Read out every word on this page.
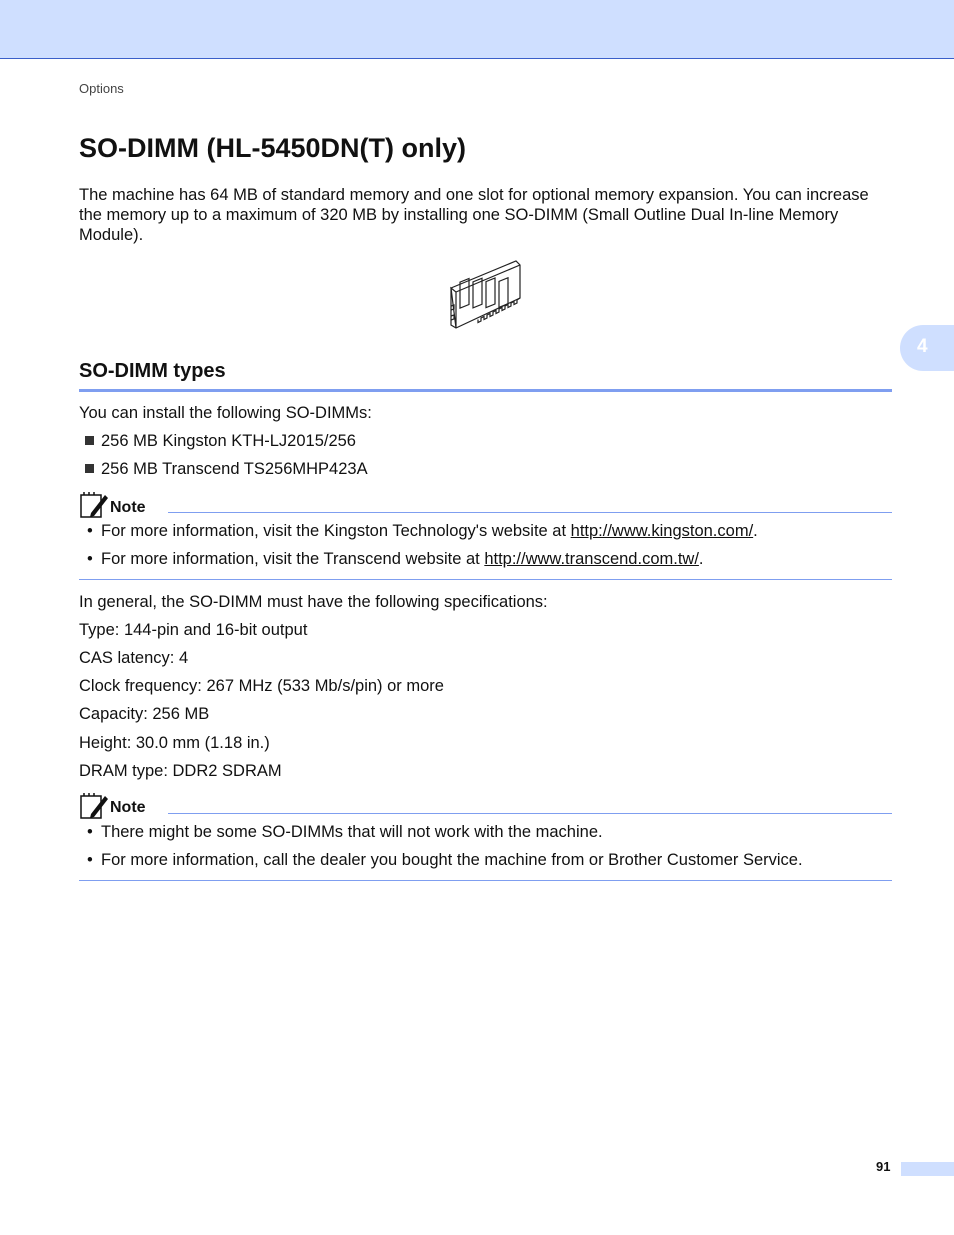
Options
SO-DIMM (HL-5450DN(T) only)

The machine has 64 MB of standard memory and one slot for optional memory expansion. You can increase the memory up to a maximum of 320 MB by installing one SO-DIMM (Small Outline Dual In-line Memory Module).

SO-DIMM types

You can install the following SO-DIMMs:

256 MB Kingston KTH-LJ2015/256

256 MB Transcend TS256MHP423A

Note
• For more information, visit the Kingston Technology's website at http://www.kingston.com/.
• For more information, visit the Transcend website at http://www.transcend.com.tw/.

In general, the SO-DIMM must have the following specifications:

Type: 144-pin and 16-bit output

CAS latency: 4

Clock frequency: 267 MHz (533 Mb/s/pin) or more

Capacity: 256 MB

Height: 30.0 mm (1.18 in.)

DRAM type: DDR2 SDRAM

Note
• There might be some SO-DIMMs that will not work with the machine.
• For more information, call the dealer you bought the machine from or Brother Customer Service.
4
91
